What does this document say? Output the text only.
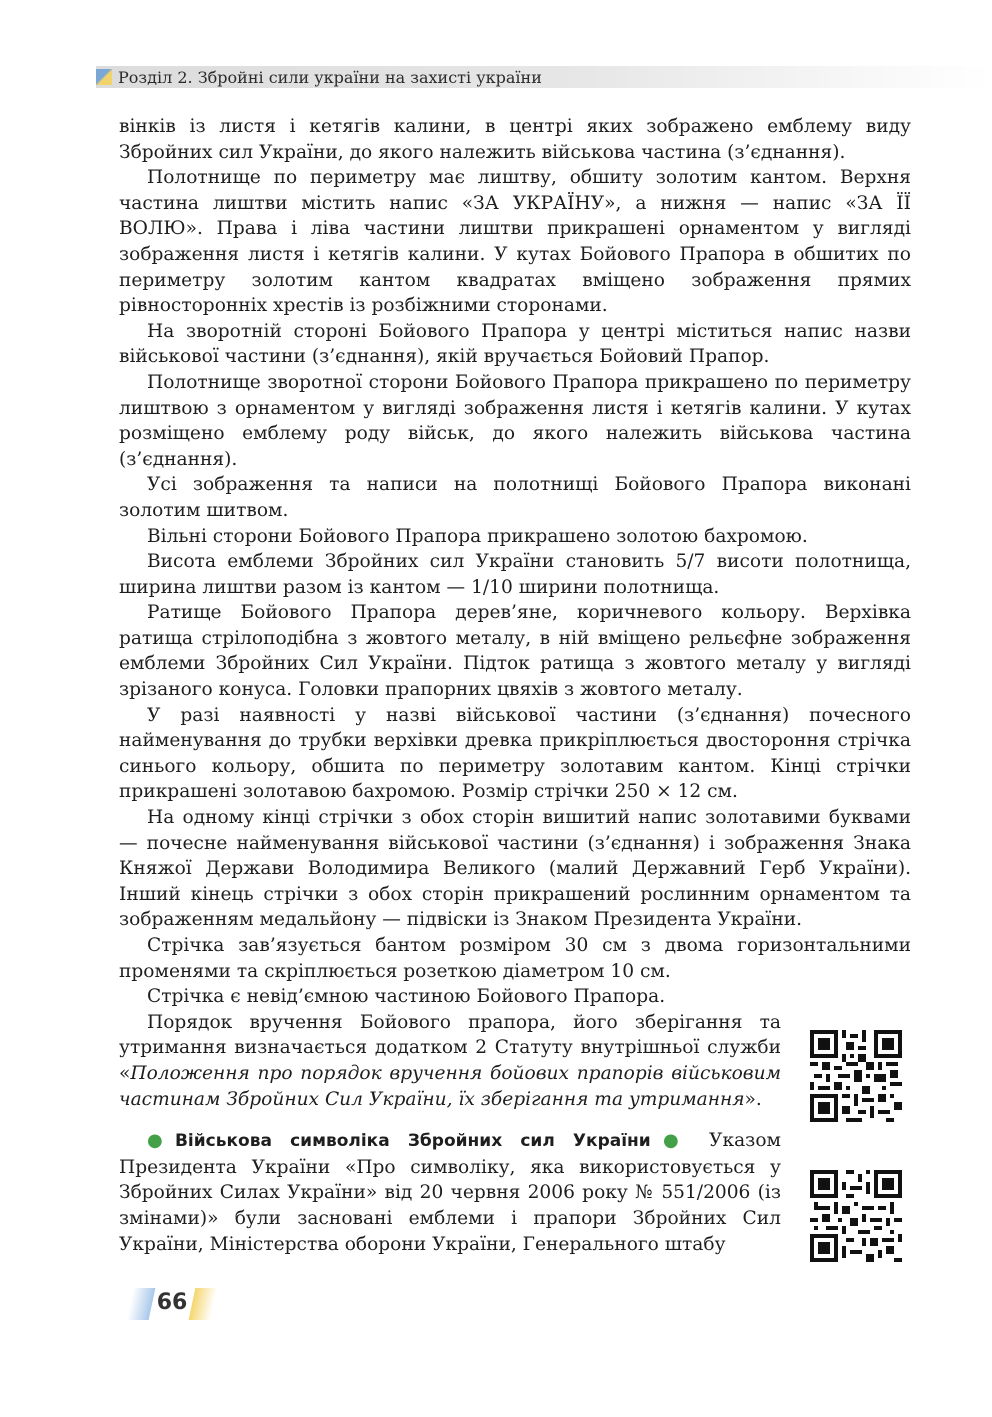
Розділ 2. Збройні сили україни на захисті україни

вінків із листя і кетягів калини, в центрі яких зображено емблему виду Збройних сил України, до якого належить військова частина (з’єднання).

Полотнище по периметру має лиштву, обшиту золотим кантом. Верхня частина лиштви містить напис «ЗА УКРАЇНУ», а нижня — напис «ЗА ЇЇ ВОЛЮ». Права і ліва частини лиштви прикрашені орнаментом у вигляді зображення листя і кетягів калини. У кутах Бойового Прапора в обшитих по периметру золотим кантом квадратах вміщено зображення прямих рівносторонніх хрестів із розбіжними сторонами.

На зворотній стороні Бойового Прапора у центрі міститься напис назви військової частини (з’єднання), якій вручається Бойовий Прапор.

Полотнище зворотної сторони Бойового Прапора прикрашено по периметру лиштвою з орнаментом у вигляді зображення листя і кетягів калини. У кутах розміщено емблему роду військ, до якого належить військова частина (з’єднання).

Усі зображення та написи на полотнищі Бойового Прапора виконані золотим шитвом.

Вільні сторони Бойового Прапора прикрашено золотою бахромою.

Висота емблеми Збройних сил України становить 5/7 висоти полотнища, ширина лиштви разом із кантом — 1/10 ширини полотнища.

Ратище Бойового Прапора дерев’яне, коричневого кольору. Верхівка ратища стрілоподібна з жовтого металу, в ній вміщено рельєфне зображення емблеми Збройних Сил України. Підток ратища з жовтого металу у вигляді зрізаного конуса. Головки прапорних цвяхів з жовтого металу.

У разі наявності у назві військової частини (з’єднання) почесного найменування до трубки верхівки древка прикріплюється двостороння стрічка синього кольору, обшита по периметру золотавим кантом. Кінці стрічки прикрашені золотавою бахромою. Розмір стрічки 250 × 12 см.

На одному кінці стрічки з обох сторін вишитий напис золотавими буквами — почесне найменування військової частини (з’єднання) і зображення Знака Княжої Держави Володимира Великого (малий Державний Герб України). Інший кінець стрічки з обох сторін прикрашений рослинним орнаментом та зображенням медальйону — підвіски із Знаком Президента України.

Стрічка зав’язується бантом розміром 30 см з двома горизонтальними променями та скріплюється розеткою діаметром 10 см.

Стрічка є невід’ємною частиною Бойового Прапора.

Порядок вручення Бойового прапора, його зберігання та утримання визначається додатком 2 Статуту внутрішньої служби «Положення про порядок вручення бойових прапорів військовим частинам Збройних Сил України, їх зберігання та утримання».

●Військова символіка Збройних сил України● Указом Президента України «Про символіку, яка використовується у Збройних Силах України» від 20 червня 2006 року № 551/2006 (із змінами)» були засновані емблеми і прапори Збройних Сил України, Міністерства оборони України, Генерального штабу

66
